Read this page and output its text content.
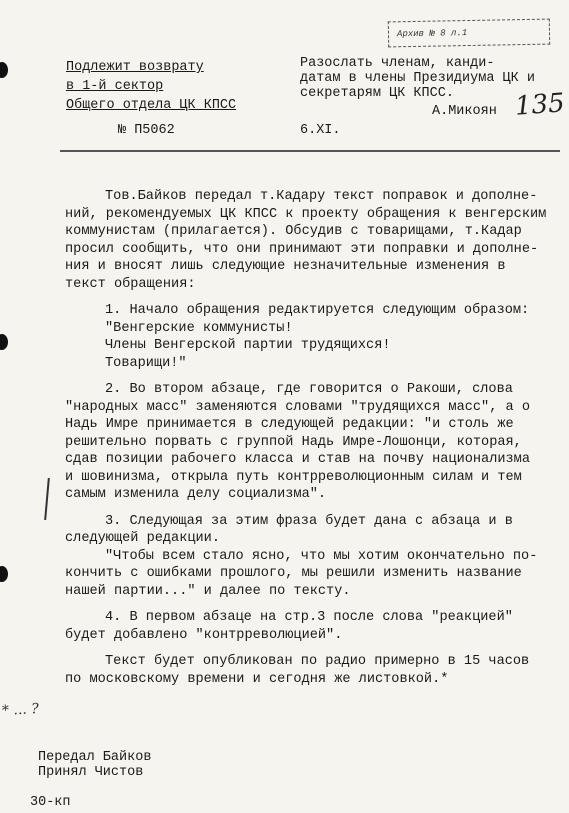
Архив № 8 л.1
Подлежит возврату
в 1-й сектор
Общего отдела ЦК КПСС
Разослать членам, канди-
датам в члены Президиума ЦК и
секретарям ЦК КПСС.
А.Микоян 135
№ П5062	6.XI.

Тов.Байков передал т.Кадару текст поправок и дополне-
ний, рекомендуемых ЦК КПСС к проекту обращения к венгерским
коммунистам (прилагается). Обсудив с товарищами, т.Кадар
просил сообщить, что они принимают эти поправки и дополне-
ния и вносят лишь следующие незначительные изменения в
текст обращения:

1. Начало обращения редактируется следующим образом:
"Венгерские коммунисты!
Члены Венгерской партии трудящихся!
Товарищи!"

2. Во втором абзаце, где говорится о Ракоши, слова
"народных масс" заменяются словами "трудящихся масс", а о
Надь Имре принимается в следующей редакции: "и столь же
решительно порвать с группой Надь Имре-Лошонци, которая,
сдав позиции рабочего класса и став на почву национализма
и шовинизма, открыла путь контрреволюционным силам и тем
самым изменила делу социализма".

3. Следующая за этим фраза будет дана с абзаца и в
следующей редакции.
"Чтобы всем стало ясно, что мы хотим окончательно по-
кончить с ошибками прошлого, мы решили изменить название
нашей партии..." и далее по тексту.

4. В первом абзаце на стр.3 после слова "реакцией"
будет добавлено "контрреволюцией".

Текст будет опубликован по радио примерно в 15 часов
по московскому времени и сегодня же листовкой.*

* ... ?
Передал Байков
Принял Чистов
30-кп
